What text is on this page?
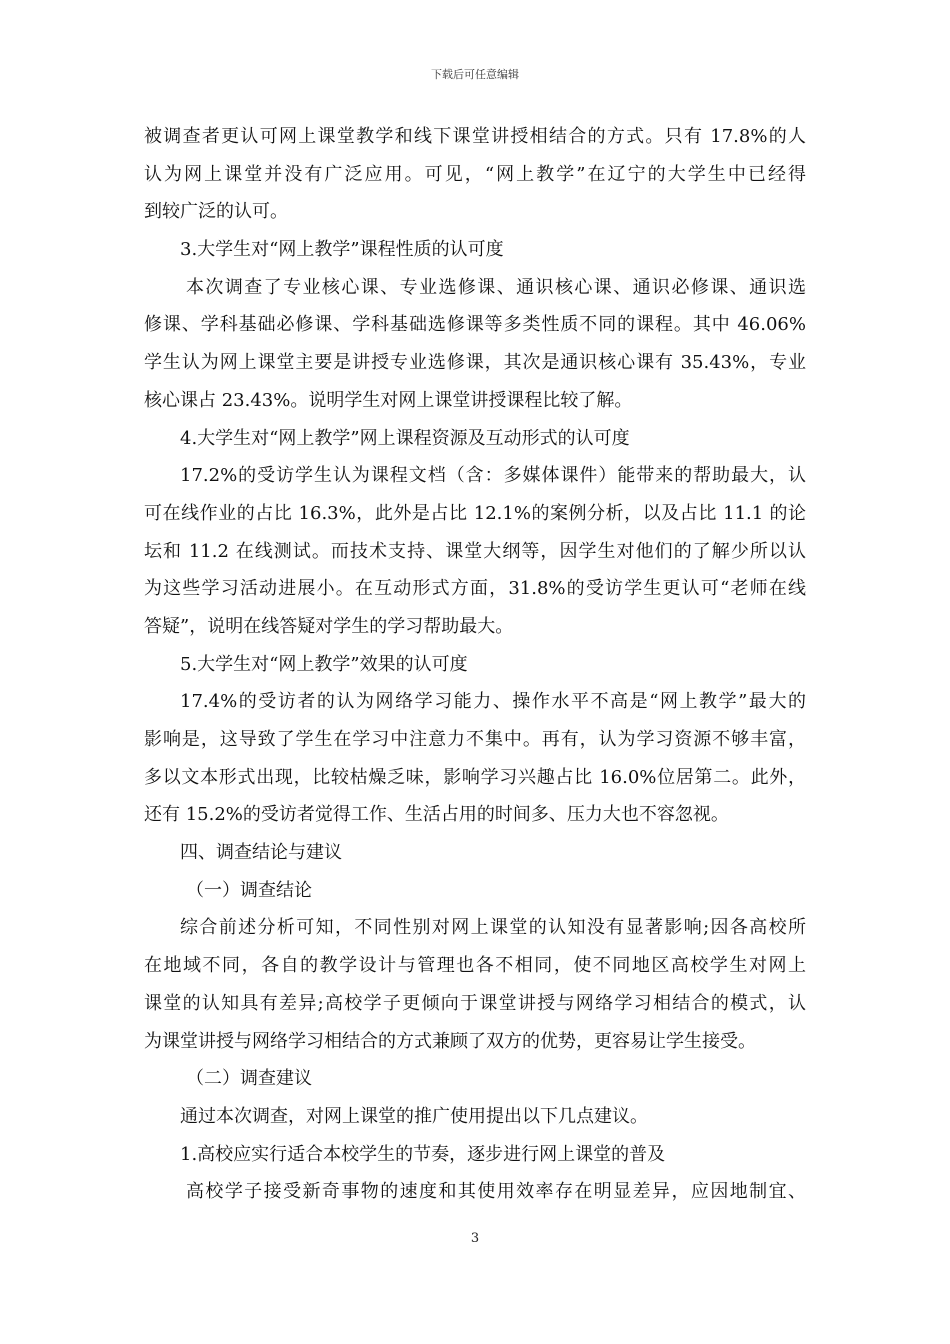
下载后可任意编辑
被调查者更认可网上课堂教学和线下课堂讲授相结合的方式。只有 17.8%的人
认为网上课堂并没有广泛应用。可见，“网上教学”在辽宁的大学生中已经得
到较广泛的认可。
3.大学生对“网上教学”课程性质的认可度
本次调查了专业核心课、专业选修课、通识核心课、通识必修课、通识选
修课、学科基础必修课、学科基础选修课等多类性质不同的课程。其中 46.06%
学生认为网上课堂主要是讲授专业选修课，其次是通识核心课有 35.43%，专业
核心课占 23.43%。说明学生对网上课堂讲授课程比较了解。
4.大学生对“网上教学”网上课程资源及互动形式的认可度
17.2%的受访学生认为课程文档（含：多媒体课件）能带来的帮助最大，认
可在线作业的占比 16.3%，此外是占比 12.1%的案例分析，以及占比 11.1 的论
坛和 11.2 在线测试。而技术支持、课堂大纲等，因学生对他们的了解少所以认
为这些学习活动进展小。在互动形式方面，31.8%的受访学生更认可“老师在线
答疑”，说明在线答疑对学生的学习帮助最大。
5.大学生对“网上教学”效果的认可度
17.4%的受访者的认为网络学习能力、操作水平不高是“网上教学”最大的
影响是，这导致了学生在学习中注意力不集中。再有，认为学习资源不够丰富，
多以文本形式出现，比较枯燥乏味，影响学习兴趣占比 16.0%位居第二。此外，
还有 15.2%的受访者觉得工作、生活占用的时间多、压力大也不容忽视。
四、调查结论与建议
（一）调查结论
综合前述分析可知，不同性别对网上课堂的认知没有显著影响;因各高校所
在地域不同，各自的教学设计与管理也各不相同，使不同地区高校学生对网上
课堂的认知具有差异;高校学子更倾向于课堂讲授与网络学习相结合的模式，认
为课堂讲授与网络学习相结合的方式兼顾了双方的优势，更容易让学生接受。
（二）调查建议
通过本次调查，对网上课堂的推广使用提出以下几点建议。
1.高校应实行适合本校学生的节奏，逐步进行网上课堂的普及
高校学子接受新奇事物的速度和其使用效率存在明显差异，应因地制宜、
3
